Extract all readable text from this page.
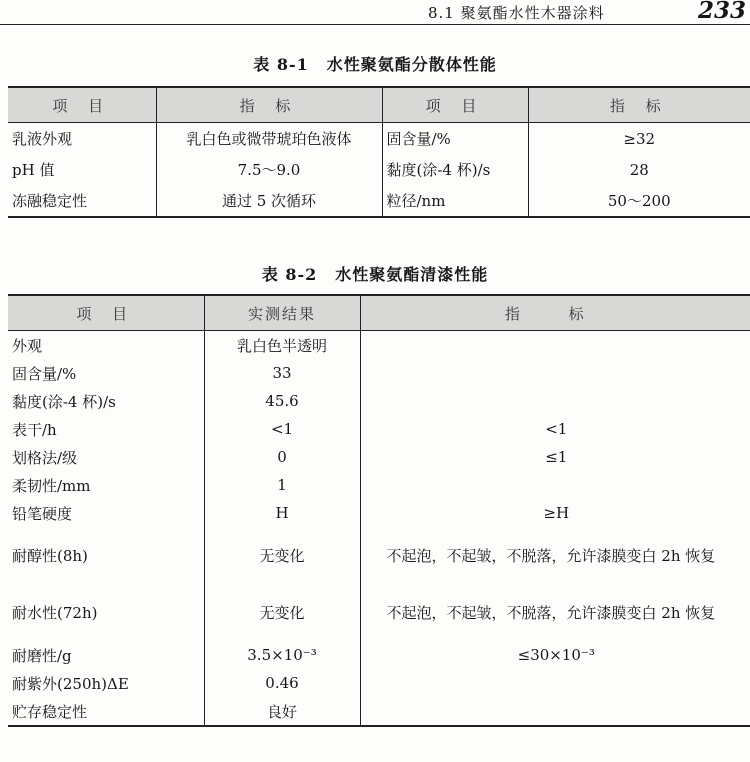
8.1 聚氨酯水性木器涂料	233
表 8-1 水性聚氨酯分散体性能
项 目	指 标	项 目	指 标
乳液外观	乳白色或微带琥珀色液体	固含量/%	≥32
pH 值	7.5～9.0	黏度(涂-4 杯)/s	28
冻融稳定性	通过 5 次循环	粒径/nm	50～200
表 8-2 水性聚氨酯清漆性能
项 目	实测结果	指 标
外观	乳白色半透明	
固含量/%	33	
黏度(涂-4 杯)/s	45.6	
表干/h	<1	<1
划格法/级	0	≤1
柔韧性/mm	1	
铅笔硬度	H	≥H
耐醇性(8h)	无变化	不起泡，不起皱，不脱落，允许漆膜变白 2h 恢复
耐水性(72h)	无变化	不起泡，不起皱，不脱落，允许漆膜变白 2h 恢复
耐磨性/g	3.5×10⁻³	≤30×10⁻³
耐紫外(250h)ΔE	0.46	
贮存稳定性	良好	
